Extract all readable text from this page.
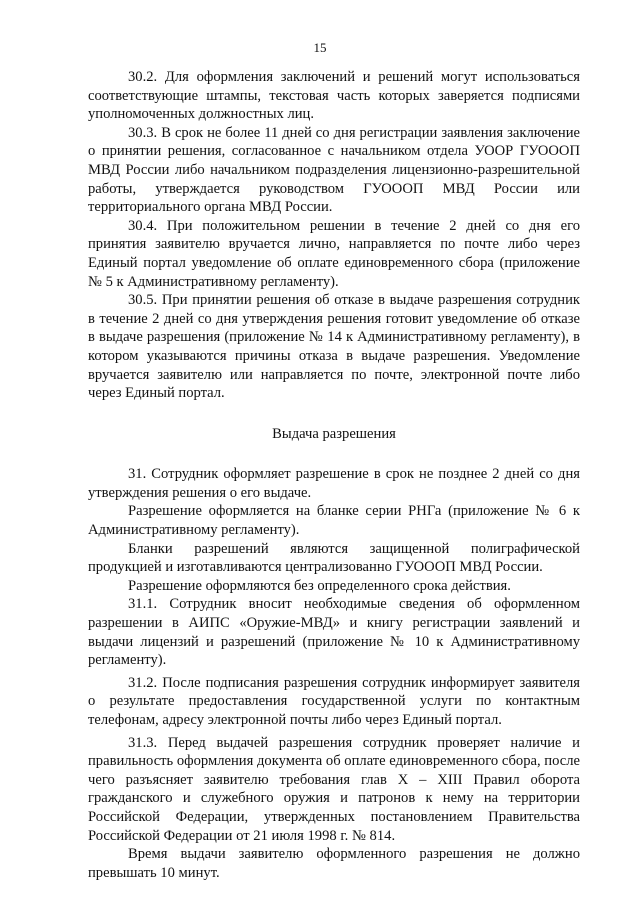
15

30.2. Для оформления заключений и решений могут использоваться соответствующие штампы, текстовая часть которых заверяется подписями уполномоченных должностных лиц.

30.3. В срок не более 11 дней со дня регистрации заявления заключение о принятии решения, согласованное с начальником отдела УООР ГУОООП МВД России либо начальником подразделения лицензионно-разрешительной работы, утверждается руководством ГУОООП МВД России или территориального органа МВД России.

30.4. При положительном решении в течение 2 дней со дня его принятия заявителю вручается лично, направляется по почте либо через Единый портал уведомление об оплате единовременного сбора (приложение № 5 к Административному регламенту).

30.5. При принятии решения об отказе в выдаче разрешения сотрудник в течение 2 дней со дня утверждения решения готовит уведомление об отказе в выдаче разрешения (приложение № 14 к Административному регламенту), в котором указываются причины отказа в выдаче разрешения. Уведомление вручается заявителю или направляется по почте, электронной почте либо через Единый портал.

Выдача разрешения

31. Сотрудник оформляет разрешение в срок не позднее 2 дней со дня утверждения решения о его выдаче.

Разрешение оформляется на бланке серии РНГа (приложение № 6 к Административному регламенту).

Бланки разрешений являются защищенной полиграфической продукцией и изготавливаются централизованно ГУОООП МВД России.

Разрешение оформляются без определенного срока действия.

31.1. Сотрудник вносит необходимые сведения об оформленном разрешении в АИПС «Оружие-МВД» и книгу регистрации заявлений и выдачи лицензий и разрешений (приложение № 10 к Административному регламенту).

31.2. После подписания разрешения сотрудник информирует заявителя о результате предоставления государственной услуги по контактным телефонам, адресу электронной почты либо через Единый портал.

31.3. Перед выдачей разрешения сотрудник проверяет наличие и правильность оформления документа об оплате единовременного сбора, после чего разъясняет заявителю требования глав X – XIII Правил оборота гражданского и служебного оружия и патронов к нему на территории Российской Федерации, утвержденных постановлением Правительства Российской Федерации от 21 июля 1998 г. № 814.

Время выдачи заявителю оформленного разрешения не должно превышать 10 минут.
